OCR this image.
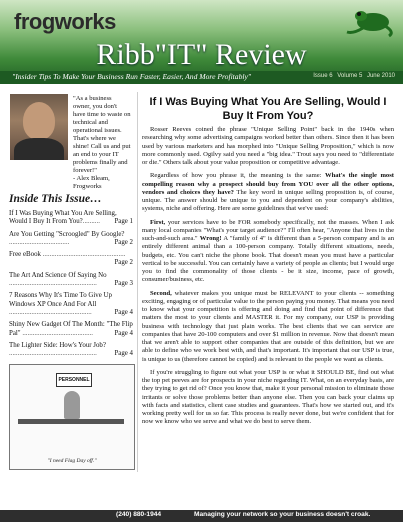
frogworks
Ribb"IT" Review
"Insider Tips To Make Your Business Run Faster, Easier, And More Profitably"	Issue 6 Volume 5 June 2010
"As a business owner, you don't have time to waste on technical and operational issues. That's where we shine! Call us and put an end to your IT problems finally and forever!"
- Alex Bleam,
Frogworks
Inside This Issue…
If I Was Buying What You Are Selling, Would I Buy It From You?.......... Page 1
Are You Getting "Scroogled" By Google? ...................................	Page 2
Free eBook ................................................
Page 2
The Art And Science Of Saying No ...................................................	Page 3
7 Reasons Why It's Time To Give Up Windows XP Once And For All ................................................	Page 4
Shiny New Gadget Of The Month: "The Flip Pal" .........................................	Page 4
The Lighter Side: How's Your Job? ...................................................	Page 4
PERSONNEL
"I need Flag Day off."
If I Was Buying What You Are Selling, Would I Buy It From You?

Rosser Reeves coined the phrase "Unique Selling Point" back in the 1940s when researching why some advertising campaigns worked better than others. Since then it has been used by various marketers and has morphed into "Unique Selling Proposition," which is now more commonly used. Ogilvy said you need a "big idea." Trout says you need to "differentiate or die." Others talk about your value proposition or competitive advantage.

Regardless of how you phrase it, the meaning is the same: What's the single most compelling reason why a prospect should buy from YOU over all the other options, vendors and choices they have? The key word in unique selling proposition is, of course, unique. The answer should be unique to you and dependent on your company's abilities, systems, niche and offering. Here are some guidelines that we've used:

First, your services have to be FOR somebody specifically, not the masses. When I ask many local companies "What's your target audience?" I'll often hear, "Anyone that lives in the such-and-such area." Wrong! A "family of 4" is different than a 5-person company and is an entirely different animal than a 100-person company. Totally different situations, needs, budgets, etc. You can't niche the phone book. That doesn't mean you must have a particular vertical to be successful. You can certainly have a variety of people as clients; but I would urge you to find the commonality of those clients - be it size, income, pace of growth, consumer/business, etc.

Second, whatever makes you unique must be RELEVANT to your clients -- something exciting, engaging or of particular value to the person paying you money. That means you need to know what your competition is offering and doing and find that point of difference that matters the most to your clients and MASTER it. For my company, our USP is providing business with technology that just plain works. The best clients that we can service are companies that have 20-100 computers and over $1 million in revenue. Now that doesn't mean that we aren't able to support other companies that are outside of this definition, but we are able to define who we work best with, and that's important. It's important that our USP is true, is unique to us (therefore cannot be copied) and is relevant to the people we want as clients.

If you're struggling to figure out what your USP is or what it SHOULD BE, find out what the top pet peeves are for prospects in your niche regarding IT. What, on an everyday basis, are they trying to get rid of? Once you know that, make it your personal mission to eliminate those irritants or solve those problems better than anyone else. Then you can back your claims up with facts and statistics, client case studies and guarantees. That's how we started out, and it's working pretty well for us so far. This process is really never done, but we're confident that for now we know who we serve and what we do best to serve them.

(240) 880-1944	Managing your network so your business doesn't croak.
